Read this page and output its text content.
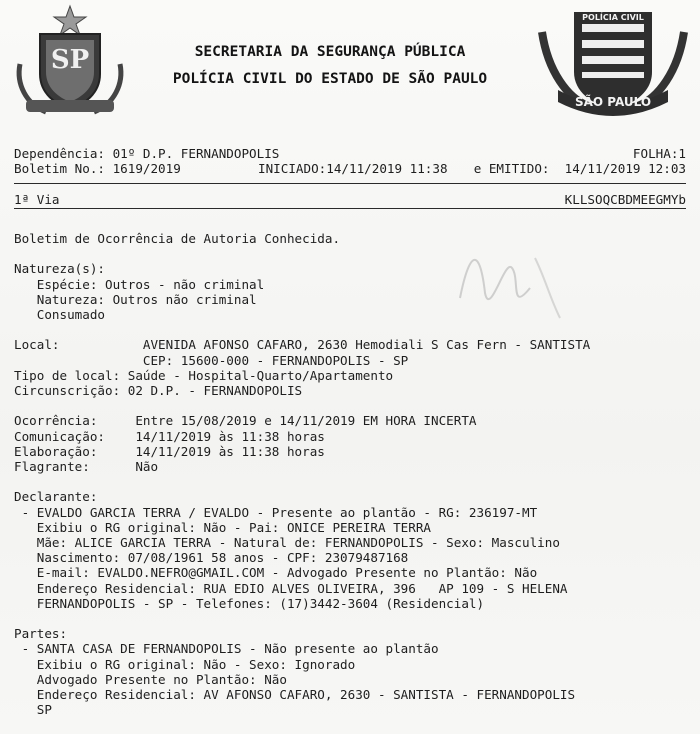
SP
POLÍCIA CIVIL
SÃO PAULO
SECRETARIA DA SEGURANÇA PÚBLICA
POLÍCIA CIVIL DO ESTADO DE SÃO PAULO
Dependência: 01º D.P. FERNANDOPOLIS	FOLHA:1
Boletim No.: 1619/2019	INICIADO:14/11/2019 11:38 e EMITIDO:  14/11/2019 12:03
1ª Via	KLLSOQCBDMEEGMYb
Boletim de Ocorrência de Autoria Conhecida.
Natureza(s):
Espécie: Outros - não criminal
Natureza: Outros não criminal
Consumado
Local:           AVENIDA AFONSO CAFARO, 2630 Hemodiali S Cas Fern - SANTISTA
CEP: 15600-000 - FERNANDOPOLIS - SP
Tipo de local: Saúde - Hospital-Quarto/Apartamento
Circunscrição: 02 D.P. - FERNANDOPOLIS
Ocorrência:     Entre 15/08/2019 e 14/11/2019 EM HORA INCERTA
Comunicação:    14/11/2019 às 11:38 horas
Elaboração:     14/11/2019 às 11:38 horas
Flagrante:      Não
Declarante:
- EVALDO GARCIA TERRA / EVALDO - Presente ao plantão - RG: 236197-MT
Exibiu o RG original: Não - Pai: ONICE PEREIRA TERRA
Mãe: ALICE GARCIA TERRA - Natural de: FERNANDOPOLIS - Sexo: Masculino
Nascimento: 07/08/1961 58 anos - CPF: 23079487168
E-mail: EVALDO.NEFRO@GMAIL.COM - Advogado Presente no Plantão: Não
Endereço Residencial: RUA EDIO ALVES OLIVEIRA, 396   AP 109 - S HELENA
FERNANDOPOLIS - SP - Telefones: (17)3442-3604 (Residencial)
Partes:
- SANTA CASA DE FERNANDOPOLIS - Não presente ao plantão
Exibiu o RG original: Não - Sexo: Ignorado
Advogado Presente no Plantão: Não
Endereço Residencial: AV AFONSO CAFARO, 2630 - SANTISTA - FERNANDOPOLIS
SP
